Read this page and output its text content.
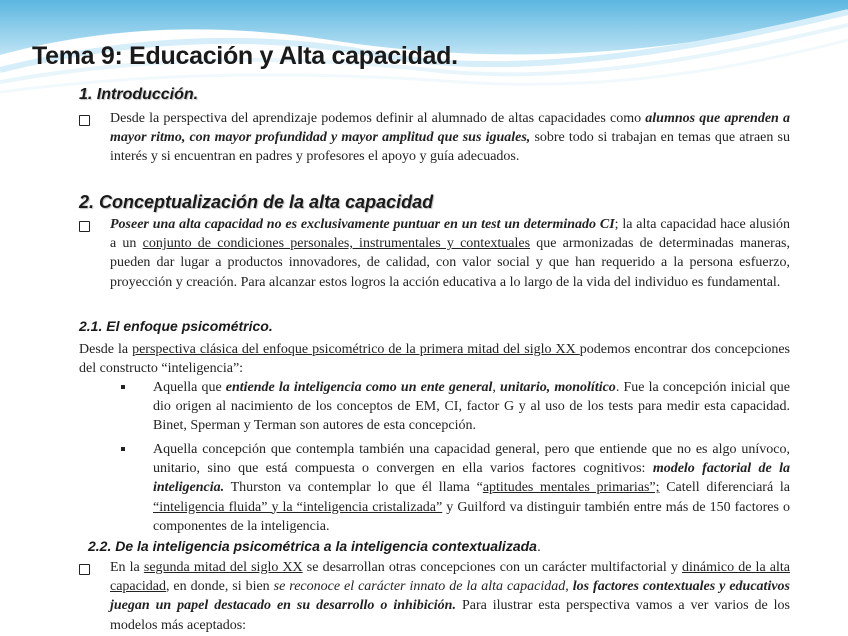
Tema 9: Educación y Alta capacidad.
1. Introducción.
Desde la perspectiva del aprendizaje podemos definir al alumnado de altas capacidades como alumnos que aprenden a mayor ritmo, con mayor profundidad y mayor amplitud que sus iguales, sobre todo si trabajan en temas que atraen su interés y si encuentran en padres y profesores el apoyo y guía adecuados.
2. Conceptualización de la alta capacidad
Poseer una alta capacidad no es exclusivamente puntuar en un test un determinado CI; la alta capacidad hace alusión a un conjunto de condiciones personales, instrumentales y contextuales que armonizadas de determinadas maneras, pueden dar lugar a productos innovadores, de calidad, con valor social y que han requerido a la persona esfuerzo, proyección y creación. Para alcanzar estos logros la acción educativa a lo largo de la vida del individuo es fundamental.
2.1. El enfoque psicométrico.
Desde la perspectiva clásica del enfoque psicométrico de la primera mitad del siglo XX podemos encontrar dos concepciones del constructo “inteligencia”:
Aquella que entiende la inteligencia como un ente general, unitario, monolítico. Fue la concepción inicial que dio origen al nacimiento de los conceptos de EM, CI, factor G y al uso de los tests para medir esta capacidad. Binet, Sperman y Terman son autores de esta concepción.
Aquella concepción que contempla también una capacidad general, pero que entiende que no es algo unívoco, unitario, sino que está compuesta o convergen en ella varios factores cognitivos: modelo factorial de la inteligencia. Thurston va contemplar lo que él llama “aptitudes mentales primarias”; Catell diferenciará la “inteligencia fluida” y la “inteligencia cristalizada” y Guilford va distinguir también entre más de 150 factores o componentes de la inteligencia.
2.2. De la inteligencia psicométrica a la inteligencia contextualizada.
En la segunda mitad del siglo XX se desarrollan otras concepciones con un carácter multifactorial y dinámico de la alta capacidad, en donde, si bien se reconoce el carácter innato de la alta capacidad, los factores contextuales y educativos juegan un papel destacado en su desarrollo o inhibición. Para ilustrar esta perspectiva vamos a ver varios de los modelos más aceptados:
